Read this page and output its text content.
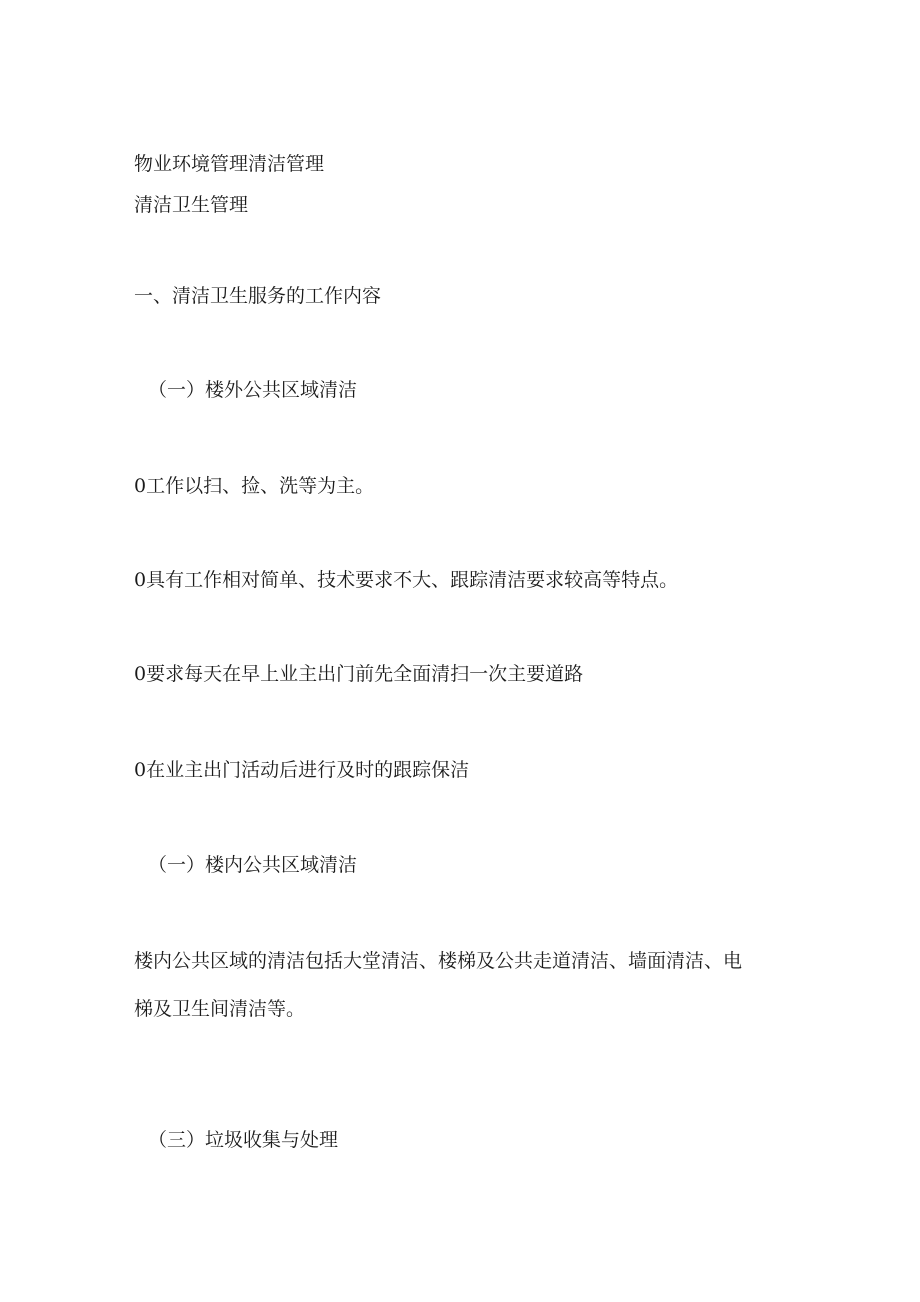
物业环境管理清洁管理

清洁卫生管理

一、清洁卫生服务的工作内容
（一）楼外公共区域清洁

0工作以扫、捡、洗等为主。

0具有工作相对简单、技术要求不大、跟踪清洁要求较高等特点。

0要求每天在早上业主出门前先全面清扫一次主要道路

0在业主出门活动后进行及时的跟踪保洁

（一）楼内公共区域清洁

楼内公共区域的清洁包括大堂清洁、楼梯及公共走道清洁、墙面清洁、电

梯及卫生间清洁等。

（三）垃圾收集与处理
